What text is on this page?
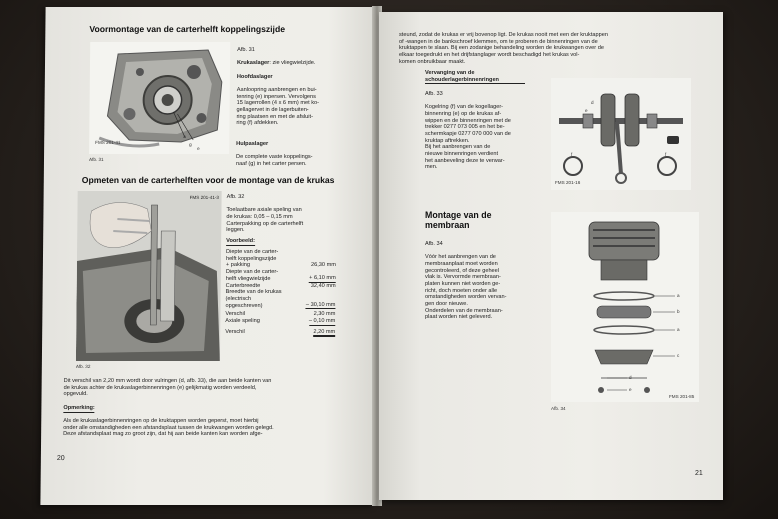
Voormontage van de carterhelft koppelingszijde
FMS 201-41
a
g
e
Afb. 31

Afb. 31

Krukaslager: zie vliegwielzijde.

Hoofdaslager

Aanloopring aanbrengen en bui-
tenring (e) inpersen. Vervolgens
15 lagerrollen (4 x 6 mm) met ko-
gellagervet in de lagerbuiten-
ring plaatsen en met de afsluit-
ring (f) afdekken.

Hulpaslager

De complete vaste koppelings-
naaf (g) in het carter persen.

Opmeten van de carterhelften voor de montage van de krukas
FMS 201-41-3
Afb. 32

Afb. 32

Toelaatbare axiale speling van
de krukas: 0,05 – 0,15 mm
Carterpakking op de carterhelft
leggen.

Voorbeeld:
Diepte van de carter-
helft koppelingszijde
+ pakking	26,30 mm
Diepte van de carter-
helft vliegwielzijde	+ 6,10 mm
Carterbreedte	32,40 mm
Breedte van de krukas
(electrisch
opgeschreven)	– 30,10 mm
Verschil	2,30 mm
Axiale speling	– 0,10 mm
Verschil	2,20 mm
Dit verschil van 2,20 mm wordt door vulringen (d, afb. 33), die aan beide kanten van
de krukas achter de krukaslagerbinnenringen (e) gelijkmatig worden verdeeld,
opgevuld.
Opmerking:
Als de krukaslagerbinnenringen op de kruktappen worden geperst, moet hierbij
onder alle omstandigheden een afstandsplaat tussen de krukwangen worden gelegd.
Deze afstandsplaat mag zo groot zijn, dat hij aan beide kanten kan worden afge-
20
steund, zodat de krukas er vrij bovenop ligt. De krukas nooit met een der kruktappen
of -wangen in de bankschroef klemmen, om te proberen de binnenringen van de
kruktappen te slaan. Bij een zodanige behandeling worden de krukwangen over de
elkaar toegedrukt en het drijfstanglager wordt beschadigd het krukas vol-
komen onbruikbaar maakt.
Vervanging van de
schouderlagerbinnenringen

Afb. 33

Kogelring (f) van de kogellager-
binnenring (e) op de krukas af-
wippen en de binnenringen met de
trekker 0277 073 005 en het be-
schermkapje 0277 070 000 van de
kruktap aftrekken.
Bij het aanbrengen van de
nieuwe binnenringen verdient
het aanbeveling deze te verwar-
men.

FMS 201-16
d
e
f	f
Montage van de
membraan

Afb. 34

Vóór het aanbrengen van de
membraanplaat moet worden
gecontroleerd, of deze geheel
vlak is. Vervormde membraan-
platen kunnen niet worden ge-
richt, doch moeten onder alle
omstandigheden worden vervan-
gen door nieuwe.
Onderdelen van de membraan-
plaat worden niet geleverd.

a
b
a
c
d
e
FMS 201-85
Afb. 34
21
